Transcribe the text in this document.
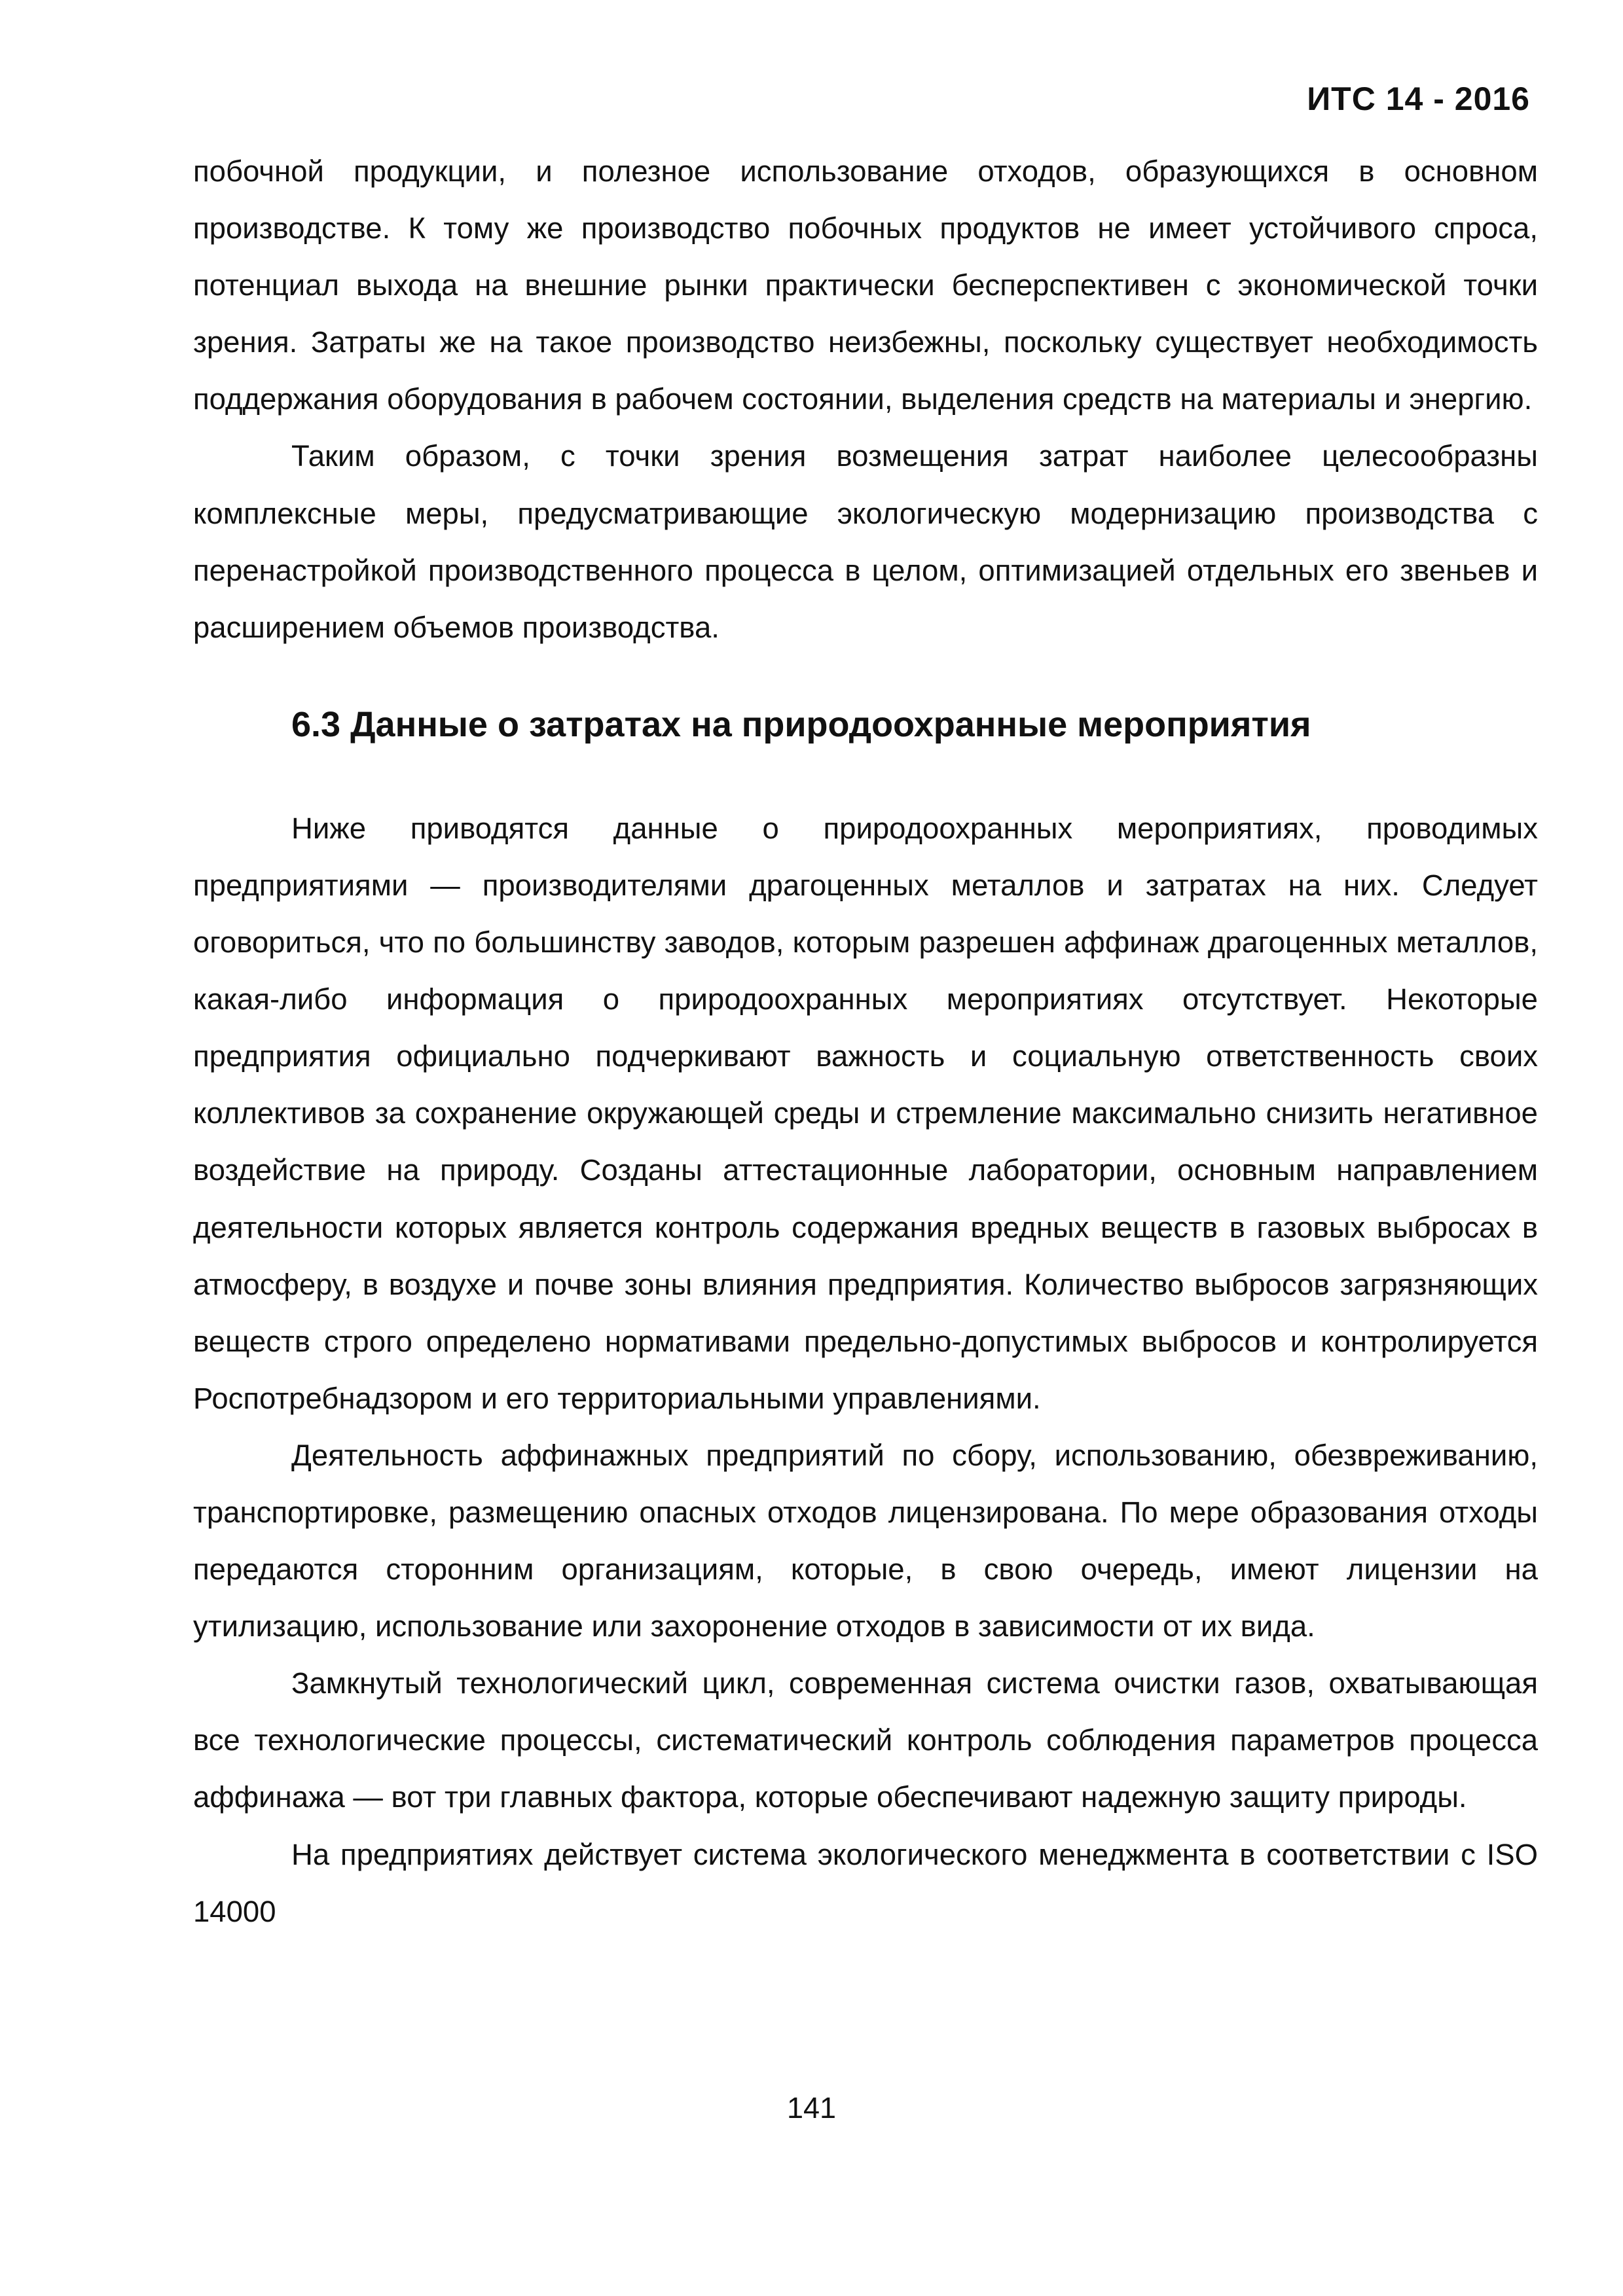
ИТС 14 - 2016

побочной продукции, и полезное использование отходов, образующихся в основном производстве. К тому же производство побочных продуктов не имеет устойчивого спроса, потенциал выхода на внешние рынки практически бесперспективен с экономической точки зрения. Затраты же на такое производство неизбежны, поскольку существует необходимость поддержания оборудования в рабочем состоянии, выделения средств на материалы и энергию.

Таким образом, с точки зрения возмещения затрат наиболее целесообразны комплексные меры, предусматривающие экологическую модернизацию производства с перенастройкой производственного процесса в целом, оптимизацией отдельных его звеньев и расширением объемов производства.

6.3 Данные о затратах на природоохранные мероприятия

Ниже приводятся данные о природоохранных мероприятиях, проводимых предприятиями — производителями драгоценных металлов и затратах на них. Следует оговориться, что по большинству заводов, которым разрешен аффинаж драгоценных металлов, какая-либо информация о природоохранных мероприятиях отсутствует. Некоторые предприятия официально подчеркивают важность и социальную ответственность своих коллективов за сохранение окружающей среды и стремление максимально снизить негативное воздействие на природу. Созданы аттестационные лаборатории, основным направлением деятельности которых является контроль содержания вредных веществ в газовых выбросах в атмосферу, в воздухе и почве зоны влияния предприятия. Количество выбросов загрязняющих веществ строго определено нормативами предельно-допустимых выбросов и контролируется Роспотребнадзором и его территориальными управлениями.

Деятельность аффинажных предприятий по сбору, использованию, обезвреживанию, транспортировке, размещению опасных отходов лицензирована. По мере образования отходы передаются сторонним организациям, которые, в свою очередь, имеют лицензии на утилизацию, использование или захоронение отходов в зависимости от их вида.

Замкнутый технологический цикл, современная система очистки газов, охватывающая все технологические процессы, систематический контроль соблюдения параметров процесса аффинажа — вот три главных фактора, которые обеспечивают надежную защиту природы.

На предприятиях действует система экологического менеджмента в соответствии с ISO 14000

141
